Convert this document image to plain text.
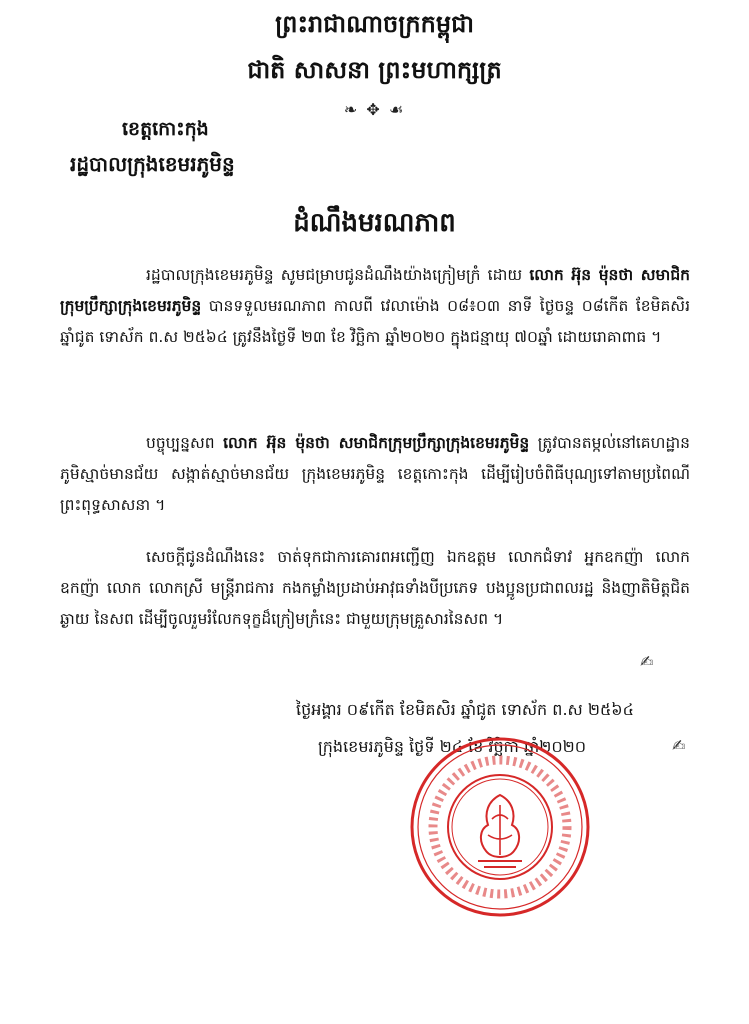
ព្រះរាជាណាចក្រកម្ពុជា
ជាតិ សាសនា ព្រះមហាក្សត្រ
❧ ✥ ☙
ខេត្តកោះកុង
រដ្ឋបាលក្រុងខេមរភូមិន្ទ
ដំណឹងមរណភាព

រដ្ឋបាលក្រុងខេមរភូមិន្ទ សូមជម្រាបជូនដំណឹងយ៉ាងក្រៀមក្រំ ដោយ លោក អ៊ុន ម៉ុនថា សមាជិកក្រុមប្រឹក្សាក្រុងខេមរភូមិន្ទ បានទទួលមរណភាព កាលពី វេលាម៉ោង ០៨៖០៣ នាទី ថ្ងៃចន្ទ ០៨កើត ខែមិគសិរ ឆ្នាំជូត ទោស័ក ព.ស ២៥៦៤ ត្រូវនឹងថ្ងៃទី ២៣ ខែ វិច្ឆិកា ឆ្នាំ២០២០ ក្នុងជន្មាយុ ៧០ឆ្នាំ ដោយរោគាពាធ ។

បច្ចុប្បន្នសព លោក អ៊ុន ម៉ុនថា សមាជិកក្រុមប្រឹក្សាក្រុងខេមរភូមិន្ទ ត្រូវបានតម្កល់នៅគេហដ្ឋាន ភូមិស្មាច់មានជ័យ សង្កាត់ស្មាច់មានជ័យ ក្រុងខេមរភូមិន្ទ ខេត្តកោះកុង ដើម្បីរៀបចំពិធីបុណ្យទៅតាមប្រពៃណីព្រះពុទ្ធសាសនា ។

សេចក្តីជូនដំណឹងនេះ ចាត់ទុកជាការគោរពអញ្ជើញ ឯកឧត្តម លោកជំទាវ អ្នកឧកញ៉ា លោកឧកញ៉ា លោក លោកស្រី មន្ត្រីរាជការ កងកម្លាំងប្រដាប់អាវុធទាំងបីប្រភេទ បងប្អូនប្រជាពលរដ្ឋ និងញាតិមិត្តជិតឆ្ងាយ នៃសព ដើម្បីចូលរួមរំលែកទុក្ខដ៏ក្រៀមក្រំនេះ ជាមួយក្រុមគ្រួសារនៃសព ។

✍
ថ្ងៃអង្គារ ០៩កើត ខែមិគសិរ ឆ្នាំជូត ទោស័ក ព.ស ២៥៦៤
ក្រុងខេមរភូមិន្ទ ថ្ងៃទី ២៤ ខែ វិច្ឆិកា ឆ្នាំ២០២០	✍
